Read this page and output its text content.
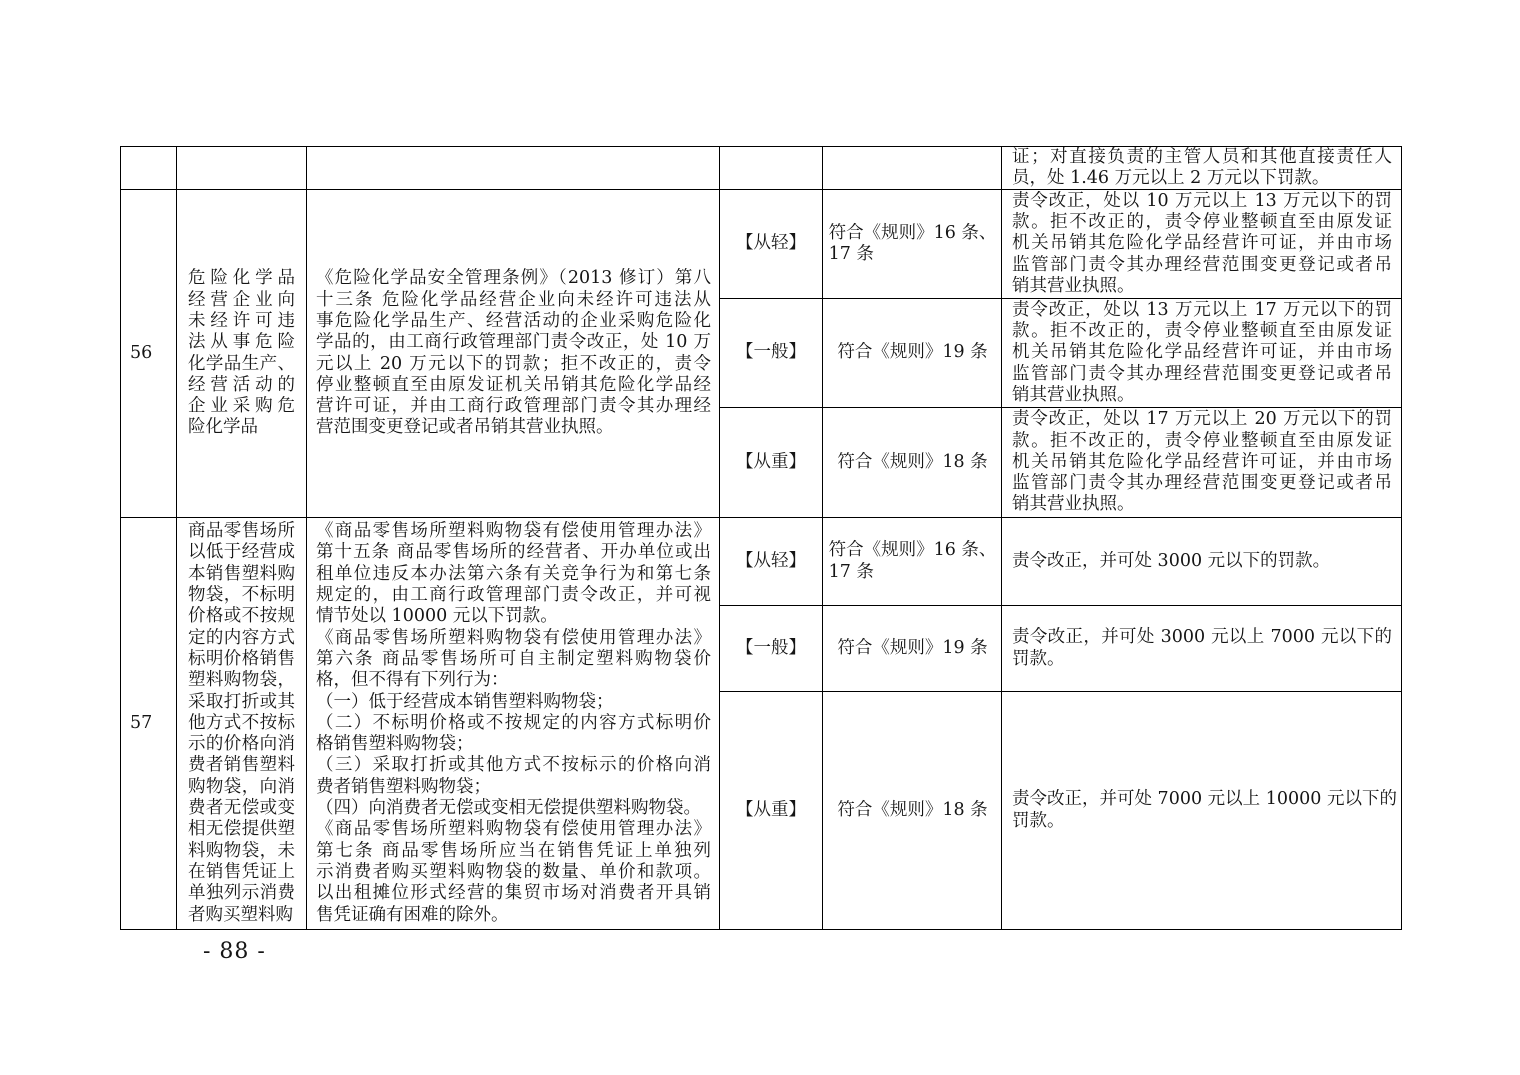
证；对直接负责的主管人员和其他直接责任人
员，处 1.46 万元以上 2 万元以下罚款。
56
危险化学品
经营企业向
未经许可违
法从事危险
化学品生产、
经营活动的
企业采购危
险化学品
《危险化学品安全管理条例》（2013 修订）第八
十三条 危险化学品经营企业向未经许可违法从
事危险化学品生产、经营活动的企业采购危险化
学品的，由工商行政管理部门责令改正，处 10 万
元以上 20 万元以下的罚款；拒不改正的，责令
停业整顿直至由原发证机关吊销其危险化学品经
营许可证，并由工商行政管理部门责令其办理经
营范围变更登记或者吊销其营业执照。
【从轻】
符合《规则》16 条、
17 条
责令改正，处以 10 万元以上 13 万元以下的罚
款。拒不改正的，责令停业整顿直至由原发证
机关吊销其危险化学品经营许可证，并由市场
监管部门责令其办理经营范围变更登记或者吊
销其营业执照。
【一般】 符合《规则》19 条
责令改正，处以 13 万元以上 17 万元以下的罚
款。拒不改正的，责令停业整顿直至由原发证
机关吊销其危险化学品经营许可证，并由市场
监管部门责令其办理经营范围变更登记或者吊
销其营业执照。
【从重】 符合《规则》18 条
责令改正，处以 17 万元以上 20 万元以下的罚
款。拒不改正的，责令停业整顿直至由原发证
机关吊销其危险化学品经营许可证，并由市场
监管部门责令其办理经营范围变更登记或者吊
销其营业执照。
57
商品零售场所
以低于经营成
本销售塑料购
物袋，不标明
价格或不按规
定的内容方式
标明价格销售
塑料购物袋，
采取打折或其
他方式不按标
示的价格向消
费者销售塑料
购物袋，向消
费者无偿或变
相无偿提供塑
料购物袋，未
在销售凭证上
单独列示消费
者购买塑料购
《商品零售场所塑料购物袋有偿使用管理办法》
第十五条 商品零售场所的经营者、开办单位或出
租单位违反本办法第六条有关竞争行为和第七条
规定的，由工商行政管理部门责令改正，并可视
情节处以 10000 元以下罚款。
《商品零售场所塑料购物袋有偿使用管理办法》
第六条 商品零售场所可自主制定塑料购物袋价
格，但不得有下列行为：
（一）低于经营成本销售塑料购物袋；
（二）不标明价格或不按规定的内容方式标明价
格销售塑料购物袋；
（三）采取打折或其他方式不按标示的价格向消
费者销售塑料购物袋；
（四）向消费者无偿或变相无偿提供塑料购物袋。
《商品零售场所塑料购物袋有偿使用管理办法》
第七条 商品零售场所应当在销售凭证上单独列
示消费者购买塑料购物袋的数量、单价和款项。
以出租摊位形式经营的集贸市场对消费者开具销
售凭证确有困难的除外。
【从轻】
符合《规则》16 条、
17 条
责令改正，并可处 3000 元以下的罚款。
【一般】 符合《规则》19 条
责令改正，并可处 3000 元以上 7000 元以下的
罚款。
【从重】 符合《规则》18 条
责令改正，并可处 7000 元以上 10000 元以下的
罚款。
- 88 -
